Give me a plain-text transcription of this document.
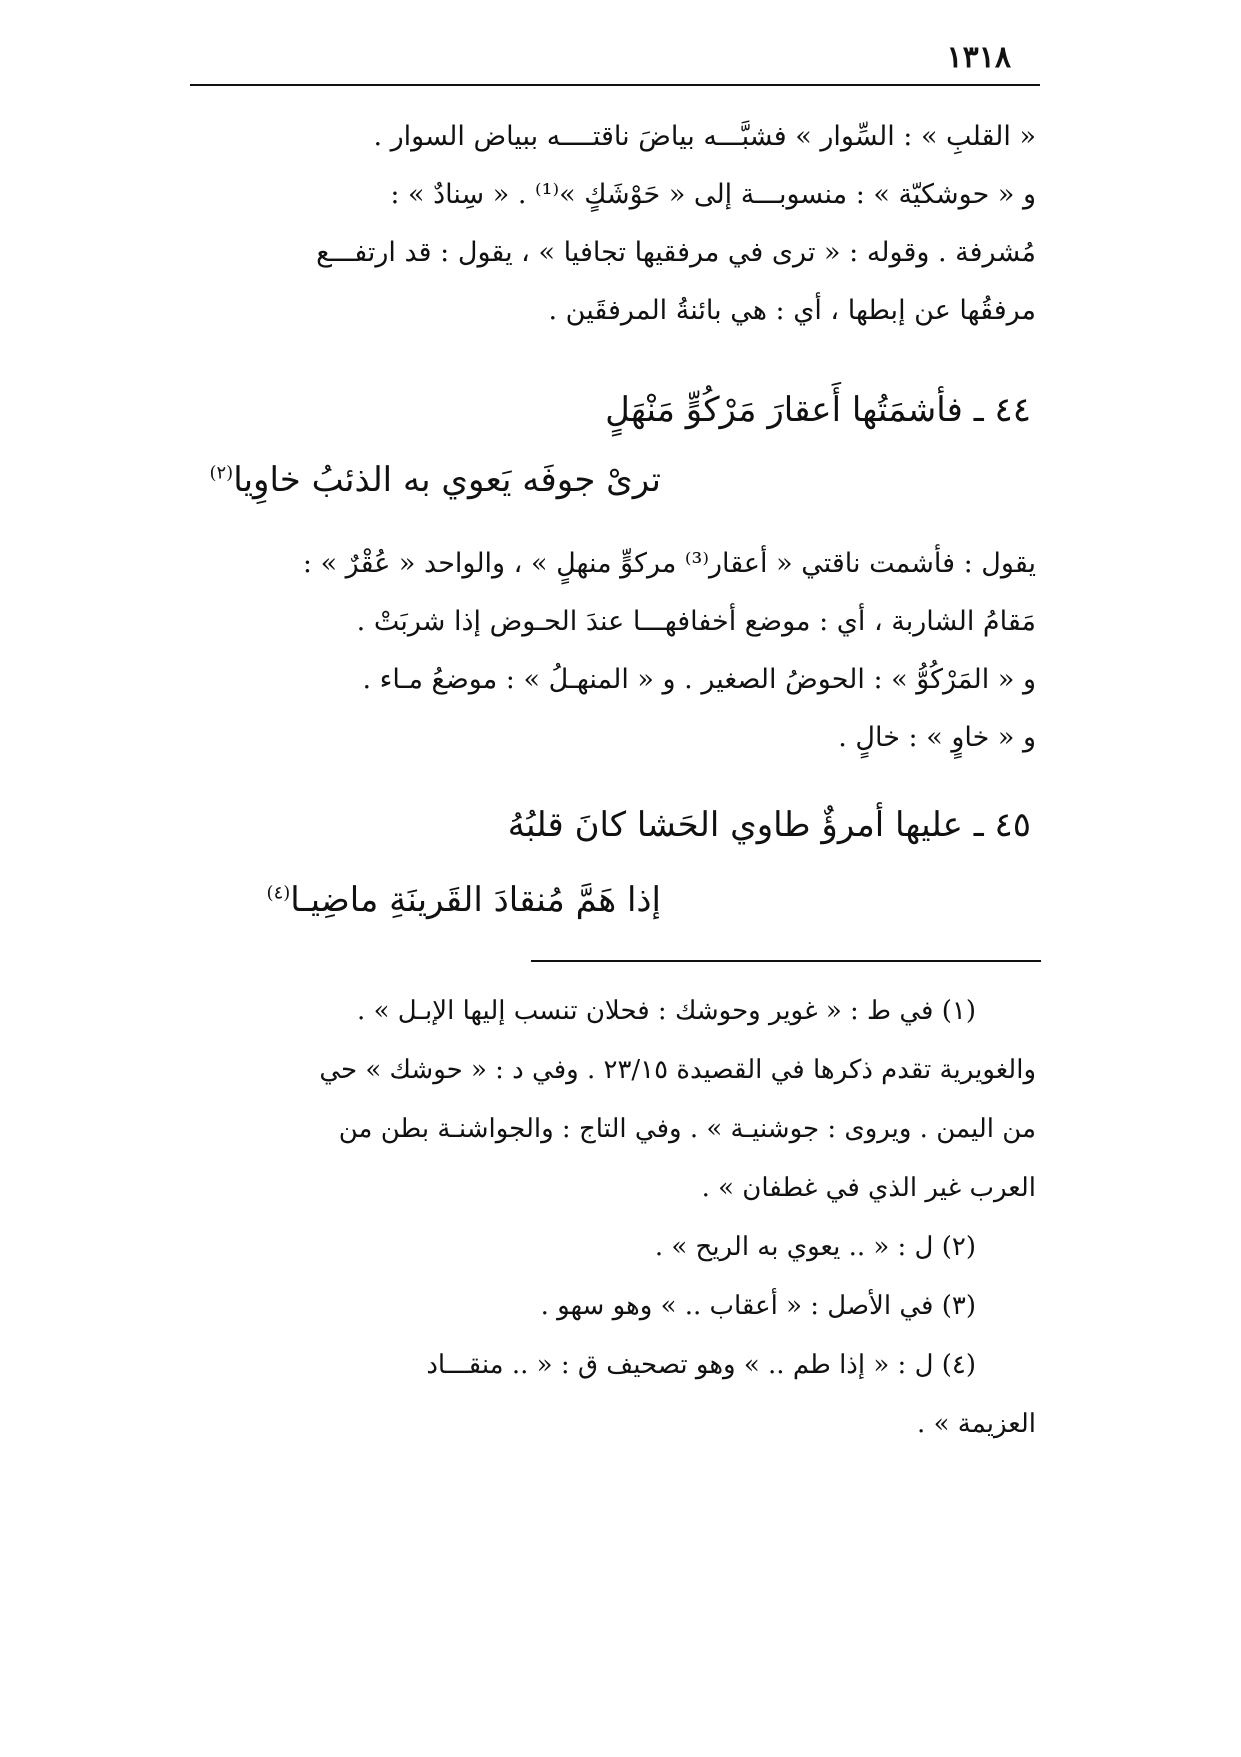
١٣١٨
« القلبِ » : السِّوار » فشبَّـــه بياضَ ناقتــــه ببياض السوار .
و « حوشكيّة » : منسوبـــة إلى « حَوْشَكٍ »⁽¹⁾ . « سِنادٌ » :
مُشرفة . وقوله : « ترى في مرفقيها تجافيا » ، يقول : قد ارتفـــع
مرفقُها عن إبطها ، أي : هي بائنةُ المرفقَين .
٤٤ ـ فأشمَتُها أَعقارَ مَرْكُوٍّ مَنْهَلٍ
ترىْ جوفَه يَعوي به الذئبُ خاوِيا$^{(٢)}$
يقول : فأشمت ناقتي « أعقار⁽³⁾ مركوٍّ منهلٍ » ، والواحد « عُقْرٌ » :
مَقامُ الشاربة ، أي : موضع أخفافهـــا عندَ الحـوض إذا شربَتْ .
و « المَرْكُوُّ » : الحوضُ الصغير . و « المنهـلُ » : موضعُ مـاء .
و « خاوٍ » : خالٍ .
٤٥ ـ عليها أمرؤٌ طاوي الحَشا كانَ قلبُهُ
إذا هَمَّ مُنقادَ القَرينَةِ ماضِيـا$^{(٤)}$
(١) في ط : « غوير وحوشك : فحلان تنسب إليها الإبـل » .
والغويرية تقدم ذكرها في القصيدة ٢٣/١٥ . وفي د : « حوشك » حي
من اليمن . ويروى : جوشنيـة » . وفي التاج : والجواشنـة بطن من
العرب غير الذي في غطفان » .
(٢) ل : « .. يعوي به الريح » .
(٣) في الأصل : « أعقاب .. » وهو سهو .
(٤) ل : « إذا طم .. » وهو تصحيف ق : « .. منقـــاد
العزيمة » .
